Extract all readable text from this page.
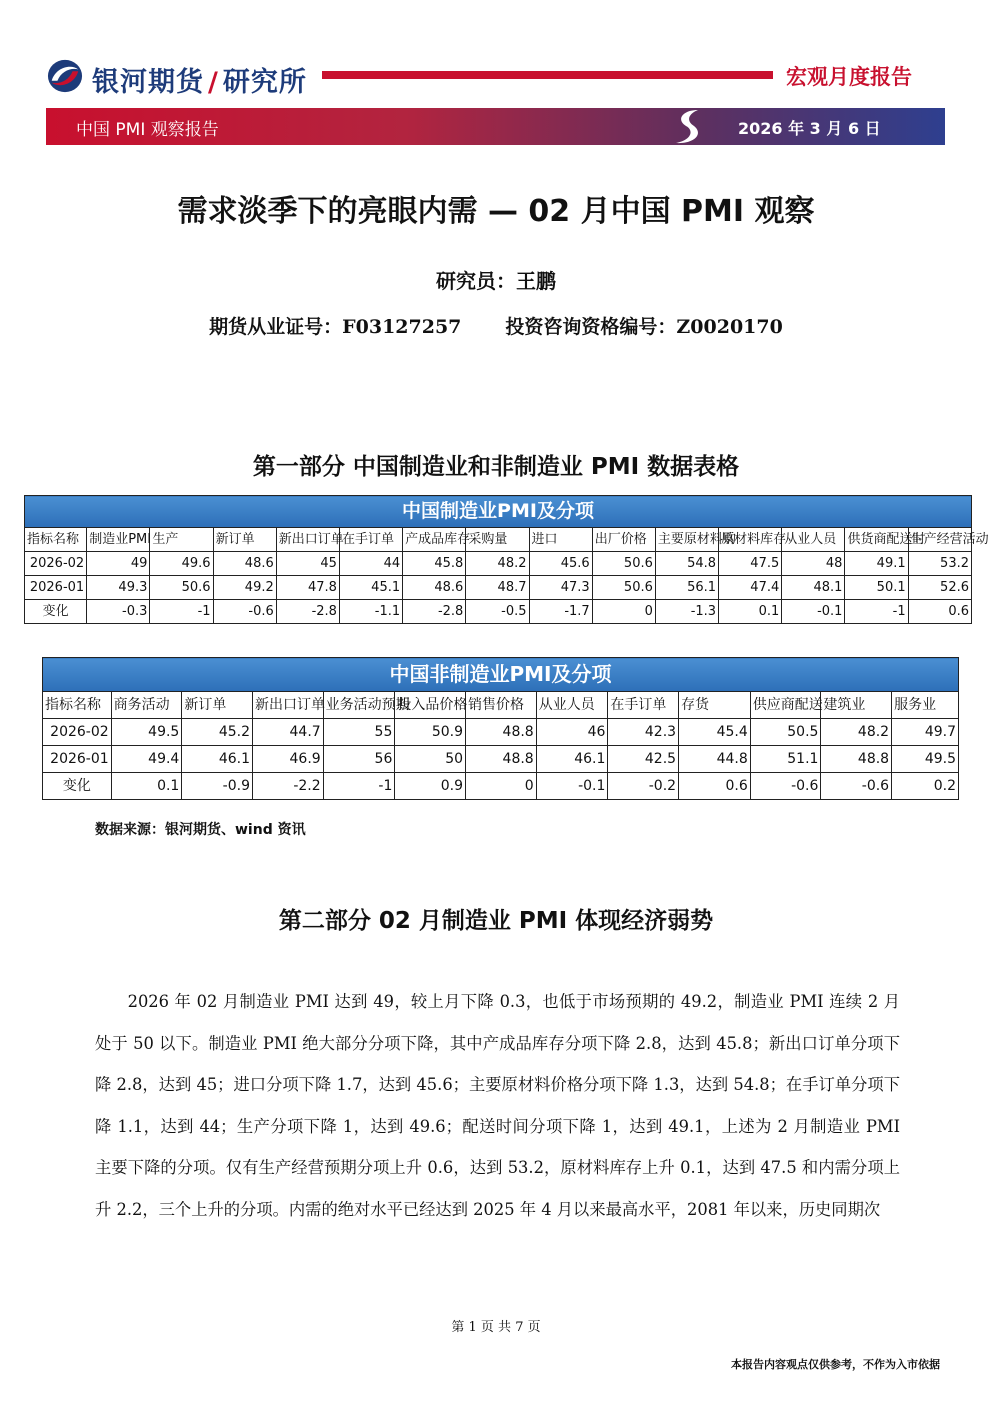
银河期货 / 研究所	宏观月度报告
中国 PMI 观察报告	2026 年 3 月 6 日
需求淡季下的亮眼内需 — 02 月中国 PMI 观察
研究员：王鹏
期货从业证号：F03127257 投资咨询资格编号：Z0020170
第一部分 中国制造业和非制造业 PMI 数据表格
中国制造业PMI及分项														
指标名称	制造业PMI	生产	新订单	新出口订单	在手订单	产成品库存	采购量	进口	出厂价格	主要原材料购	原材料库存	从业人员	供货商配送时	生产经营活动
2026-02	49	49.6	48.6	45	44	45.8	48.2	45.6	50.6	54.8	47.5	48	49.1	53.2
2026-01	49.3	50.6	49.2	47.8	45.1	48.6	48.7	47.3	50.6	56.1	47.4	48.1	50.1	52.6
变化	-0.3	-1	-0.6	-2.8	-1.1	-2.8	-0.5	-1.7	0	-1.3	0.1	-0.1	-1	0.6
中国非制造业PMI及分项												
指标名称	商务活动	新订单	新出口订单	业务活动预期	投入品价格	销售价格	从业人员	在手订单	存货	供应商配送	建筑业	服务业
2026-02	49.5	45.2	44.7	55	50.9	48.8	46	42.3	45.4	50.5	48.2	49.7
2026-01	49.4	46.1	46.9	56	50	48.8	46.1	42.5	44.8	51.1	48.8	49.5
变化	0.1	-0.9	-2.2	-1	0.9	0	-0.1	-0.2	0.6	-0.6	-0.6	0.2
数据来源：银河期货、wind 资讯
第二部分 02 月制造业 PMI 体现经济弱势
2026 年 02 月制造业 PMI 达到 49，较上月下降 0.3，也低于市场预期的 49.2，制造业 PMI 连续 2 月处于 50 以下。制造业 PMI 绝大部分分项下降，其中产成品库存分项下降 2.8，达到 45.8；新出口订单分项下降 2.8，达到 45；进口分项下降 1.7，达到 45.6；主要原材料价格分项下降 1.3，达到 54.8；在手订单分项下降 1.1，达到 44；生产分项下降 1，达到 49.6；配送时间分项下降 1，达到 49.1，上述为 2 月制造业 PMI 主要下降的分项。仅有生产经营预期分项上升 0.6，达到 53.2，原材料库存上升 0.1，达到 47.5 和内需分项上升 2.2，三个上升的分项。内需的绝对水平已经达到 2025 年 4 月以来最高水平，2081 年以来，历史同期次
第 1 页 共 7 页
本报告内容观点仅供参考，不作为入市依据
